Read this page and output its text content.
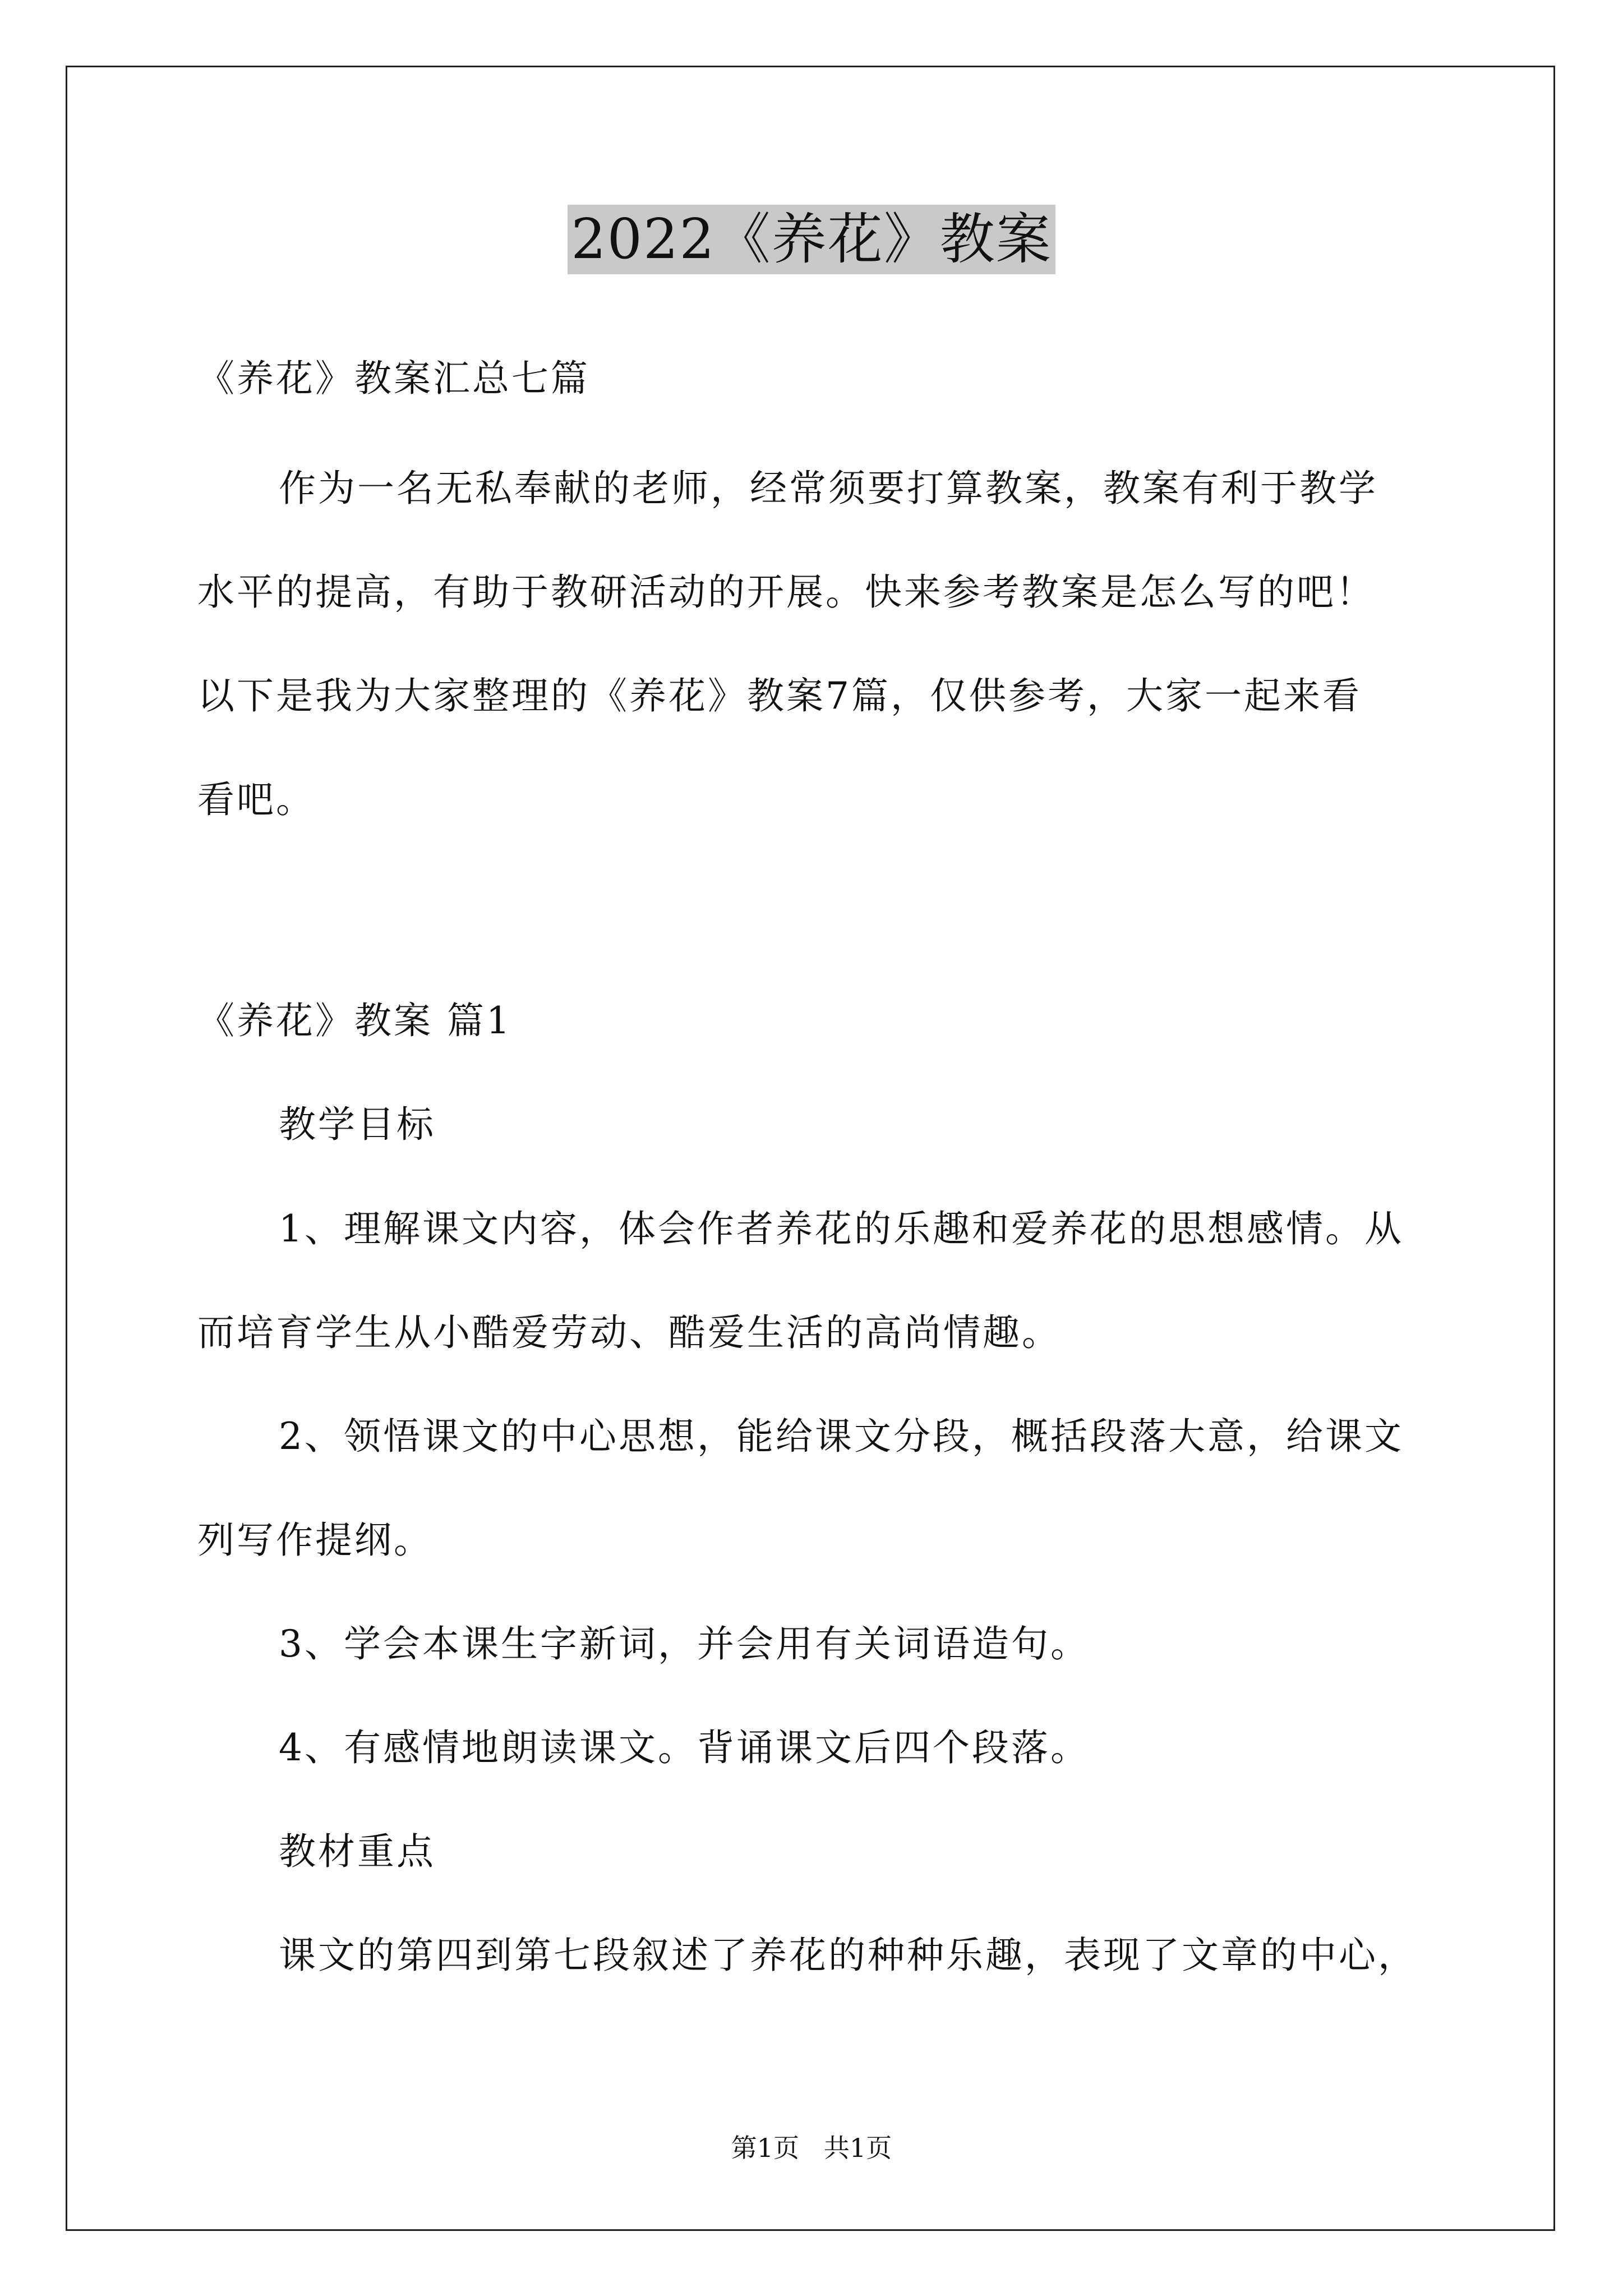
2022《养花》教案
《养花》教案汇总七篇
作为一名无私奉献的老师，经常须要打算教案，教案有利于教学
水平的提高，有助于教研活动的开展。快来参考教案是怎么写的吧！
以下是我为大家整理的《养花》教案7篇，仅供参考，大家一起来看
看吧。
《养花》教案 篇1
教学目标
1、理解课文内容，体会作者养花的乐趣和爱养花的思想感情。从
而培育学生从小酷爱劳动、酷爱生活的高尚情趣。
2、领悟课文的中心思想，能给课文分段，概括段落大意，给课文
列写作提纲。
3、学会本课生字新词，并会用有关词语造句。
4、有感情地朗读课文。背诵课文后四个段落。
教材重点
课文的第四到第七段叙述了养花的种种乐趣，表现了文章的中心，
第1页   共1页
